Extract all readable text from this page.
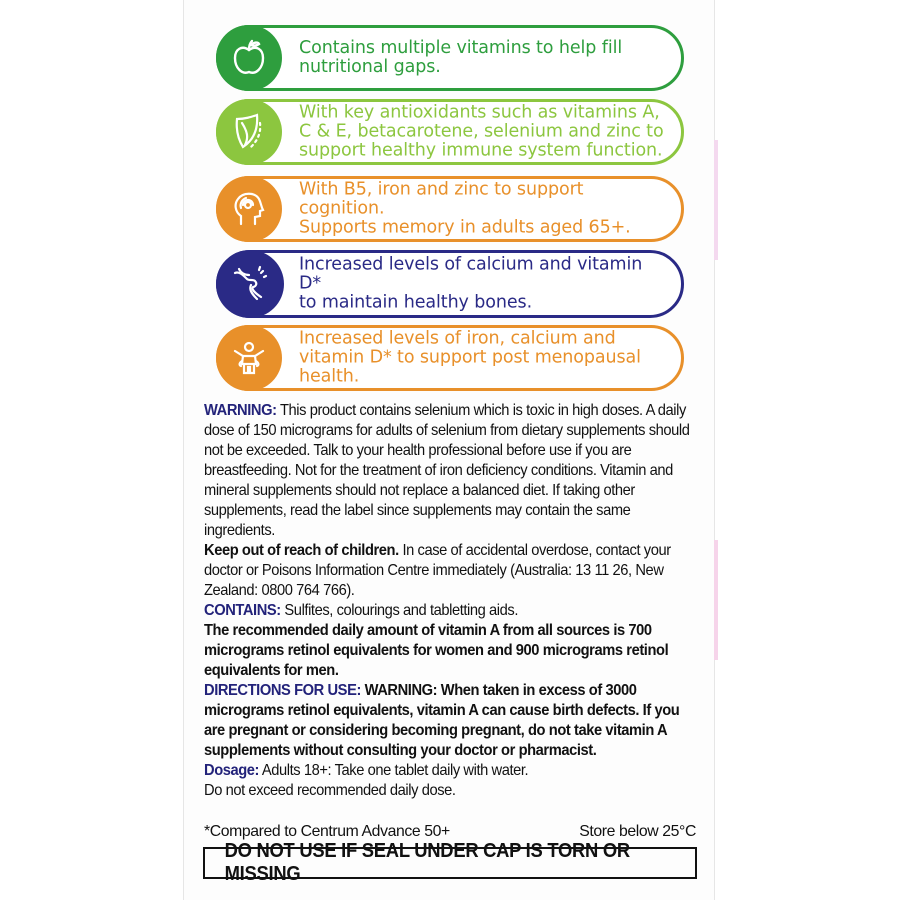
Contains multiple vitamins to help fill
nutritional gaps.
With key antioxidants such as vitamins A,
C & E, betacarotene, selenium and zinc to
support healthy immune system function.
With B5, iron and zinc to support cognition.
Supports memory in adults aged 65+.
Increased levels of calcium and vitamin D*
to maintain healthy bones.
Increased levels of iron, calcium and
vitamin D* to support post menopausal
health.

WARNING: This product contains selenium which is toxic in high doses. A daily dose of 150 micrograms for adults of selenium from dietary supplements should not be exceeded. Talk to your health professional before use if you are breastfeeding. Not for the treatment of iron deficiency conditions. Vitamin and mineral supplements should not replace a balanced diet. If taking other supplements, read the label since supplements may contain the same ingredients.

Keep out of reach of children. In case of accidental overdose, contact your doctor or Poisons Information Centre immediately (Australia: 13 11 26, New Zealand: 0800 764 766).

CONTAINS: Sulfites, colourings and tabletting aids.

The recommended daily amount of vitamin A from all sources is 700 micrograms retinol equivalents for women and 900 micrograms retinol equivalents for men.

DIRECTIONS FOR USE: WARNING: When taken in excess of 3000 micrograms retinol equivalents, vitamin A can cause birth defects. If you are pregnant or considering becoming pregnant, do not take vitamin A supplements without consulting your doctor or pharmacist.

Dosage: Adults 18+: Take one tablet daily with water.

Do not exceed recommended daily dose.

*Compared to Centrum Advance 50+	Store below 25°C
DO NOT USE IF SEAL UNDER CAP IS TORN OR MISSING
